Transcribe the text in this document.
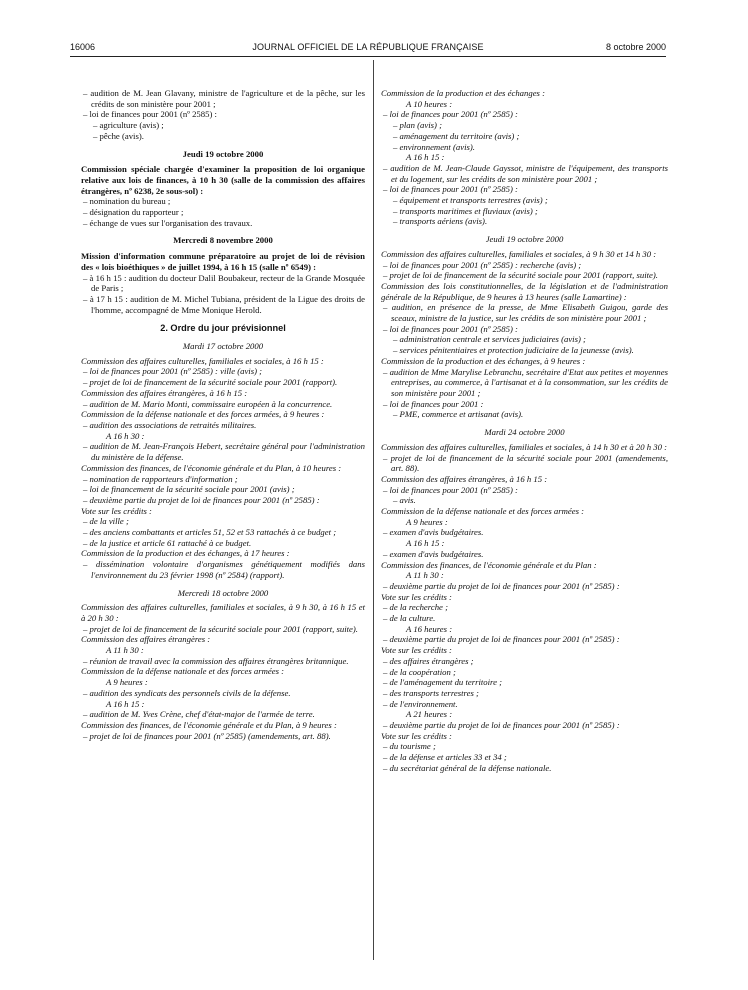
16006	JOURNAL OFFICIEL DE LA RÉPUBLIQUE FRANÇAISE	8 octobre 2000
– audition de M. Jean Glavany, ministre de l'agriculture et de la pêche, sur les crédits de son ministère pour 2001 ;
– loi de finances pour 2001 (nº 2585) :
– agriculture (avis) ;
– pêche (avis).
Jeudi 19 octobre 2000
Commission spéciale chargée d'examiner la proposition de loi organique relative aux lois de finances, à 10 h 30 (salle de la commission des affaires étrangères, nº 6238, 2e sous-sol) :
– nomination du bureau ;
– désignation du rapporteur ;
– échange de vues sur l'organisation des travaux.
Mercredi 8 novembre 2000
Mission d'information commune préparatoire au projet de loi de révision des « lois bioéthiques » de juillet 1994, à 16 h 15 (salle nº 6549) :
– à 16 h 15 : audition du docteur Dalil Boubakeur, recteur de la Grande Mosquée de Paris ;
– à 17 h 15 : audition de M. Michel Tubiana, président de la Ligue des droits de l'homme, accompagné de Mme Monique Herold.
2. Ordre du jour prévisionnel
Mardi 17 octobre 2000
Commission des affaires culturelles, familiales et sociales, à 16 h 15 :
– loi de finances pour 2001 (nº 2585) : ville (avis) ;
– projet de loi de financement de la sécurité sociale pour 2001 (rapport).
Commission des affaires étrangères, à 16 h 15 :
– audition de M. Mario Monti, commissaire européen à la concurrence.
Commission de la défense nationale et des forces armées, à 9 heures :
– audition des associations de retraités militaires.
A 16 h 30 :
– audition de M. Jean-François Hebert, secrétaire général pour l'administration du ministère de la défense.
Commission des finances, de l'économie générale et du Plan, à 10 heures :
– nomination de rapporteurs d'information ;
– loi de financement de la sécurité sociale pour 2001 (avis) ;
– deuxième partie du projet de loi de finances pour 2001 (nº 2585) :
Vote sur les crédits :
– de la ville ;
– des anciens combattants et articles 51, 52 et 53 rattachés à ce budget ;
– de la justice et article 61 rattaché à ce budget.
Commission de la production et des échanges, à 17 heures :
– dissémination volontaire d'organismes génétiquement modifiés dans l'environnement du 23 février 1998 (nº 2584) (rapport).
Mercredi 18 octobre 2000
Commission des affaires culturelles, familiales et sociales, à 9 h 30, à 16 h 15 et à 20 h 30 :
– projet de loi de financement de la sécurité sociale pour 2001 (rapport, suite).
Commission des affaires étrangères :
A 11 h 30 :
– réunion de travail avec la commission des affaires étrangères britannique.
Commission de la défense nationale et des forces armées :
A 9 heures :
– audition des syndicats des personnels civils de la défense.
A 16 h 15 :
– audition de M. Yves Crène, chef d'état-major de l'armée de terre.
Commission des finances, de l'économie générale et du Plan, à 9 heures :
– projet de loi de finances pour 2001 (nº 2585) (amendements, art. 88).
Commission de la production et des échanges :
A 10 heures :
– loi de finances pour 2001 (nº 2585) :
– plan (avis) ;
– aménagement du territoire (avis) ;
– environnement (avis).
A 16 h 15 :
– audition de M. Jean-Claude Gayssot, ministre de l'équipement, des transports et du logement, sur les crédits de son ministère pour 2001 ;
– loi de finances pour 2001 (nº 2585) :
– équipement et transports terrestres (avis) ;
– transports maritimes et fluviaux (avis) ;
– transports aériens (avis).
Jeudi 19 octobre 2000
Commission des affaires culturelles, familiales et sociales, à 9 h 30 et 14 h 30 :
– loi de finances pour 2001 (nº 2585) : recherche (avis) ;
– projet de loi de financement de la sécurité sociale pour 2001 (rapport, suite).
Commission des lois constitutionnelles, de la législation et de l'administration générale de la République, de 9 heures à 13 heures (salle Lamartine) :
– audition, en présence de la presse, de Mme Elisabeth Guigou, garde des sceaux, ministre de la justice, sur les crédits de son ministère pour 2001 ;
– loi de finances pour 2001 (nº 2585) :
– administration centrale et services judiciaires (avis) ;
– services pénitentiaires et protection judiciaire de la jeunesse (avis).
Commission de la production et des échanges, à 9 heures :
– audition de Mme Marylise Lebranchu, secrétaire d'Etat aux petites et moyennes entreprises, au commerce, à l'artisanat et à la consommation, sur les crédits de son ministère pour 2001 ;
– loi de finances pour 2001 :
– PME, commerce et artisanat (avis).
Mardi 24 octobre 2000
Commission des affaires culturelles, familiales et sociales, à 14 h 30 et à 20 h 30 :
– projet de loi de financement de la sécurité sociale pour 2001 (amendements, art. 88).
Commission des affaires étrangères, à 16 h 15 :
– loi de finances pour 2001 (nº 2585) :
– avis.
Commission de la défense nationale et des forces armées :
A 9 heures :
– examen d'avis budgétaires.
A 16 h 15 :
– examen d'avis budgétaires.
Commission des finances, de l'économie générale et du Plan :
A 11 h 30 :
– deuxième partie du projet de loi de finances pour 2001 (nº 2585) :
Vote sur les crédits :
– de la recherche ;
– de la culture.
A 16 heures :
– deuxième partie du projet de loi de finances pour 2001 (nº 2585) :
Vote sur les crédits :
– des affaires étrangères ;
– de la coopération ;
– de l'aménagement du territoire ;
– des transports terrestres ;
– de l'environnement.
A 21 heures :
– deuxième partie du projet de loi de finances pour 2001 (nº 2585) :
Vote sur les crédits :
– du tourisme ;
– de la défense et articles 33 et 34 ;
– du secrétariat général de la défense nationale.
